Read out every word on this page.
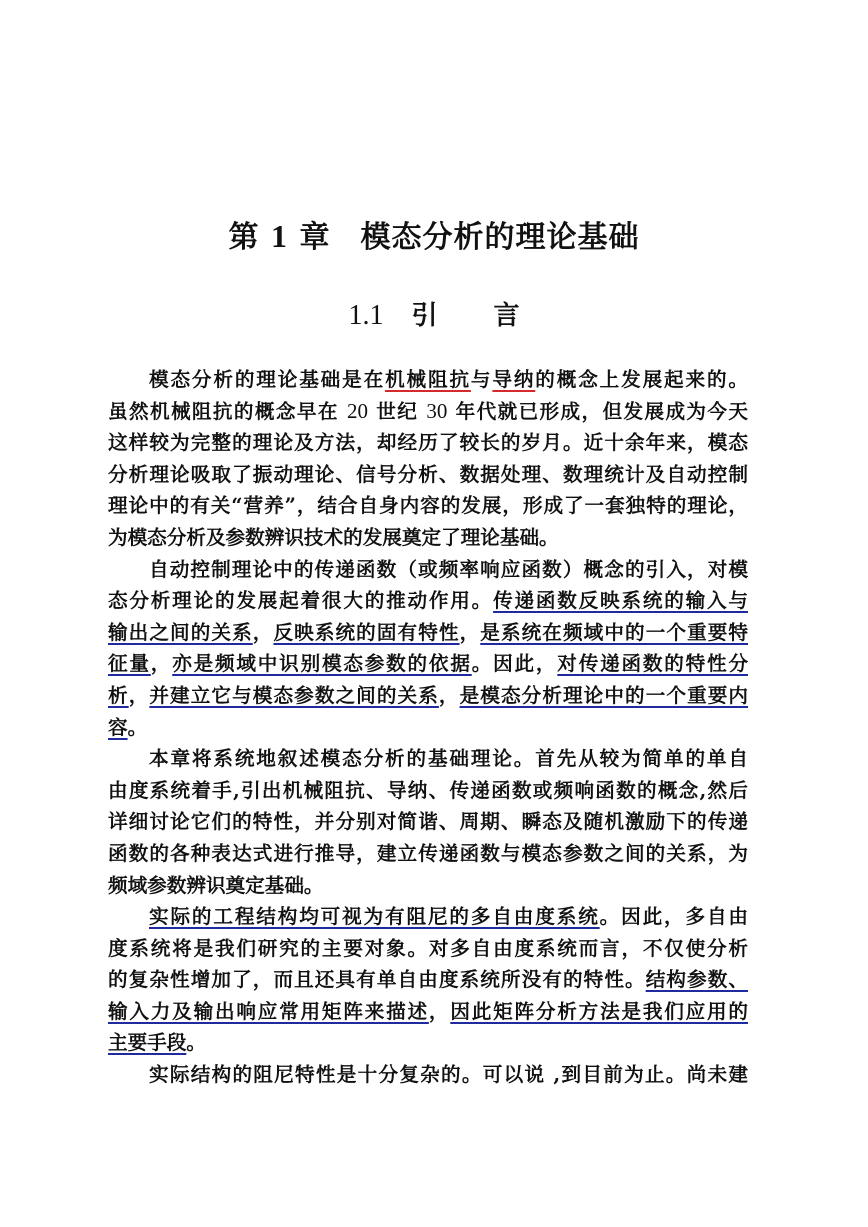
第 1 章 模态分析的理论基础
1.1 引 言
模态分析的理论基础是在机械阻抗与导纳的概念上发展起来的。
虽然机械阻抗的概念早在 20 世纪 30 年代就已形成，但发展成为今天
这样较为完整的理论及方法，却经历了较长的岁月。近十余年来，模态
分析理论吸取了振动理论、信号分析、数据处理、数理统计及自动控制
理论中的有关“营养”，结合自身内容的发展，形成了一套独特的理论，
为模态分析及参数辨识技术的发展奠定了理论基础。
自动控制理论中的传递函数（或频率响应函数）概念的引入，对模
态分析理论的发展起着很大的推动作用。传递函数反映系统的输入与
输出之间的关系，反映系统的固有特性，是系统在频域中的一个重要特
征量，亦是频域中识别模态参数的依据。因此，对传递函数的特性分
析，并建立它与模态参数之间的关系，是模态分析理论中的一个重要内
容。
本章将系统地叙述模态分析的基础理论。首先从较为简单的单自
由度系统着手,引出机械阻抗、导纳、传递函数或频响函数的概念,然后
详细讨论它们的特性，并分别对简谐、周期、瞬态及随机激励下的传递
函数的各种表达式进行推导，建立传递函数与模态参数之间的关系，为
频域参数辨识奠定基础。
实际的工程结构均可视为有阻尼的多自由度系统。因此，多自由
度系统将是我们研究的主要对象。对多自由度系统而言，不仅使分析
的复杂性增加了，而且还具有单自由度系统所没有的特性。结构参数、
输入力及输出响应常用矩阵来描述，因此矩阵分析方法是我们应用的
主要手段。
实际结构的阻尼特性是十分复杂的。可以说 ,到目前为止。尚未建
